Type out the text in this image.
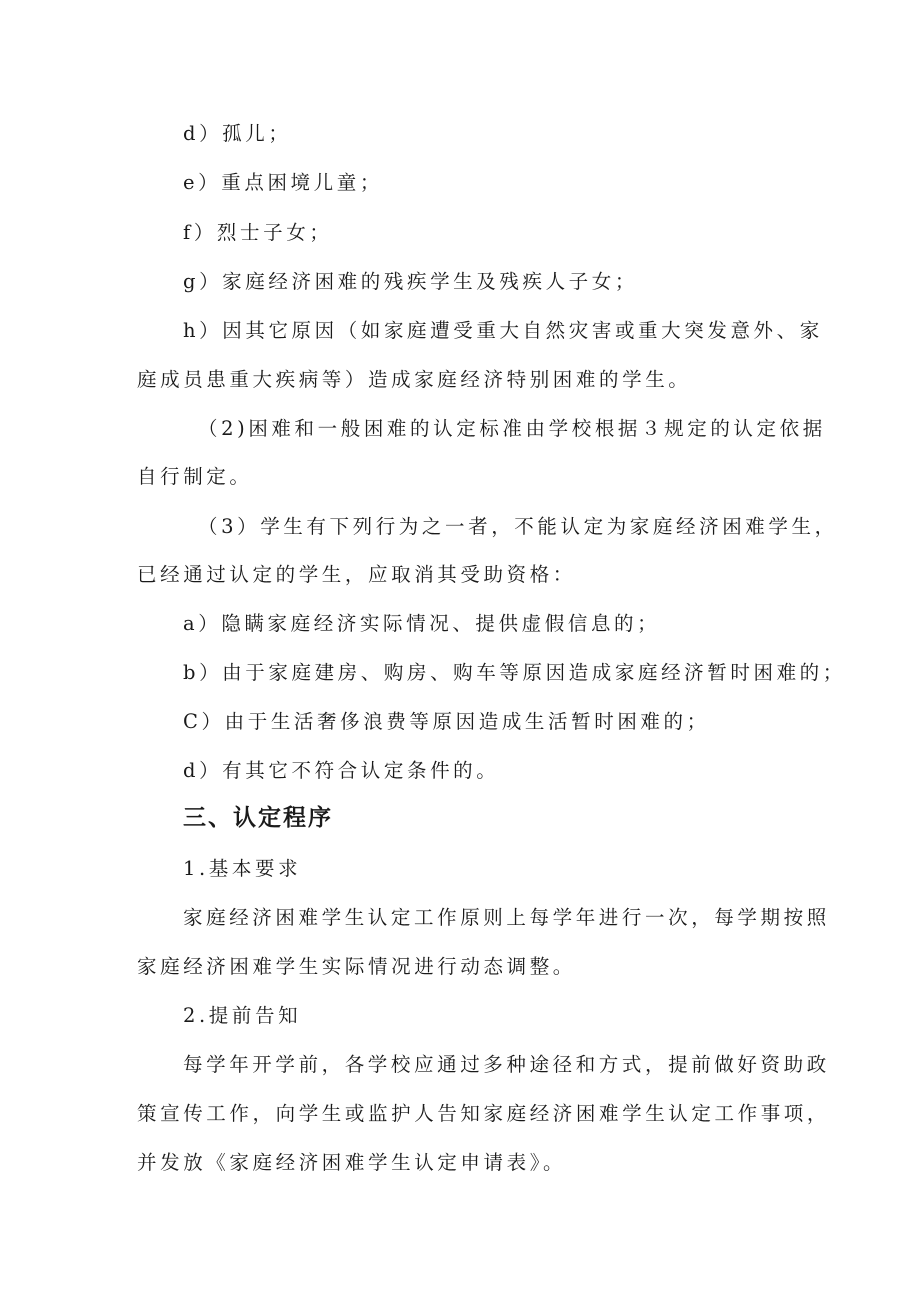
d）孤儿；
e）重点困境儿童；
f）烈士子女；
g）家庭经济困难的残疾学生及残疾人子女；
h）因其它原因（如家庭遭受重大自然灾害或重大突发意外、家
庭成员患重大疾病等）造成家庭经济特别困难的学生。
（2)困难和一般困难的认定标准由学校根据３规定的认定依据
自行制定。
（3）学生有下列行为之一者，不能认定为家庭经济困难学生，
已经通过认定的学生，应取消其受助资格：
a）隐瞒家庭经济实际情况、提供虚假信息的；
b）由于家庭建房、购房、购车等原因造成家庭经济暂时困难的；
C）由于生活奢侈浪费等原因造成生活暂时困难的；
d）有其它不符合认定条件的。
三、认定程序
1.基本要求
家庭经济困难学生认定工作原则上每学年进行一次，每学期按照
家庭经济困难学生实际情况进行动态调整。
2.提前告知
每学年开学前，各学校应通过多种途径和方式，提前做好资助政
策宣传工作，向学生或监护人告知家庭经济困难学生认定工作事项，
并发放《家庭经济困难学生认定申请表》。
